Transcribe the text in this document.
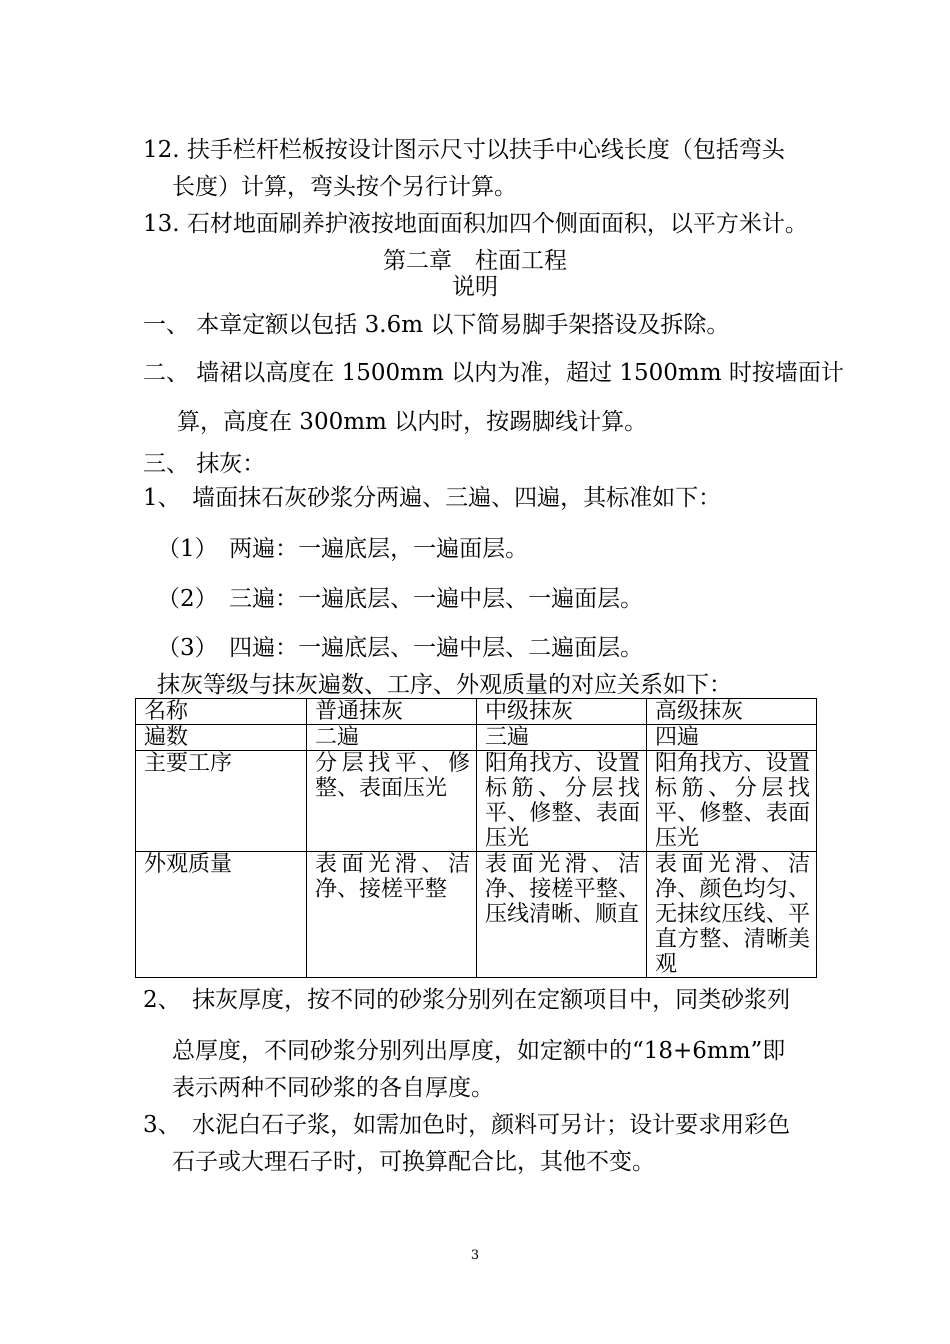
12. 扶手栏杆栏板按设计图示尺寸以扶手中心线长度（包括弯头
长度）计算，弯头按个另行计算。
13. 石材地面刷养护液按地面面积加四个侧面面积，以平方米计。
第二章　柱面工程
说明
一、 本章定额以包括 3.6m 以下简易脚手架搭设及拆除。
二、 墙裙以高度在 1500mm 以内为准，超过 1500mm 时按墙面计
算，高度在 300mm 以内时，按踢脚线计算。
三、 抹灰：
1、　墙面抹石灰砂浆分两遍、三遍、四遍，其标准如下：
（1）　两遍：一遍底层，一遍面层。
（2）　三遍：一遍底层、一遍中层、一遍面层。
（3）　四遍：一遍底层、一遍中层、二遍面层。
抹灰等级与抹灰遍数、工序、外观质量的对应关系如下：
名称	普通抹灰	中级抹灰	高级抹灰
遍数	二遍	三遍	四遍
主要工序	分层找平、修整、表面压光	阳角找方、设置标筋、分层找平、修整、表面压光	阳角找方、设置标筋、分层找平、修整、表面压光
外观质量	表面光滑、洁净、接槎平整	表面光滑、洁净、接槎平整、压线清晰、顺直	表面光滑、洁净、颜色均匀、无抹纹压线、平直方整、清晰美观
2、　抹灰厚度，按不同的砂浆分别列在定额项目中，同类砂浆列
总厚度，不同砂浆分别列出厚度，如定额中的“18+6mm”即
表示两种不同砂浆的各自厚度。
3、　水泥白石子浆，如需加色时，颜料可另计；设计要求用彩色
石子或大理石子时，可换算配合比，其他不变。
3
